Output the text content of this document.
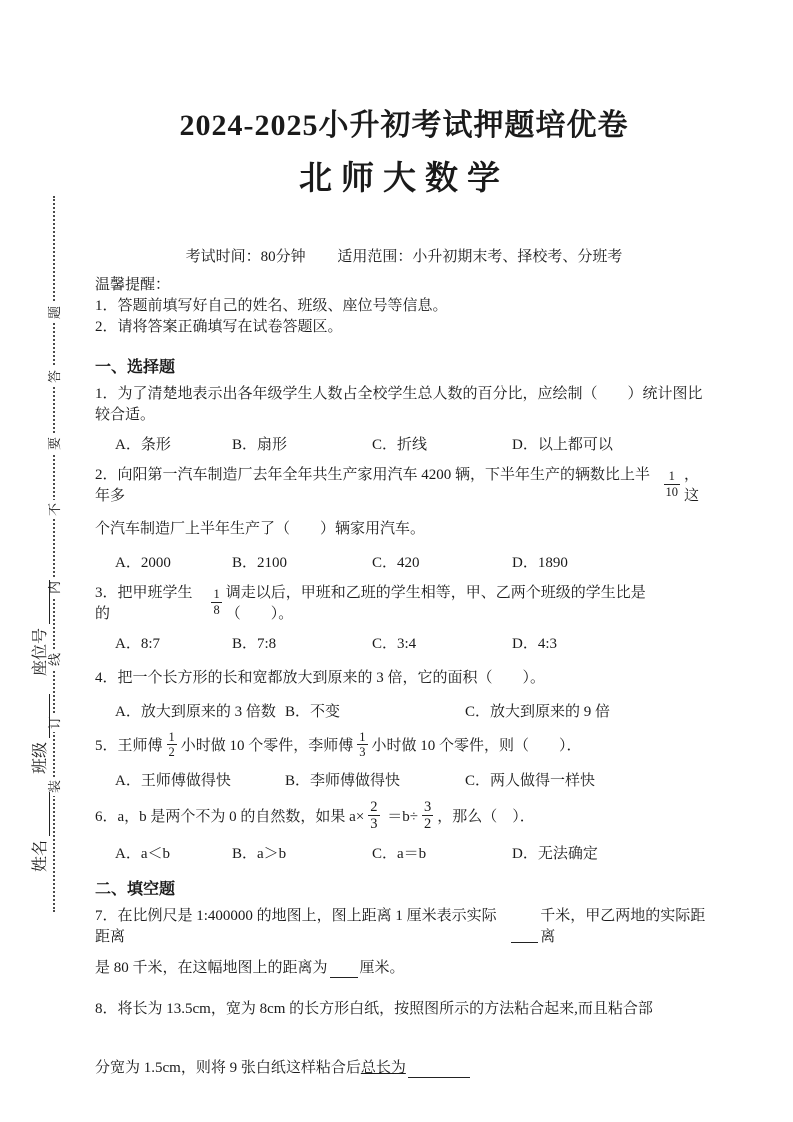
题
答
要
不
内
线
订
装
姓名
班级
座位号
2024-2025小升初考试押题培优卷
北师大数学
考试时间：80分钟 适用范围：小升初期末考、择校考、分班考
温馨提醒：
1．答题前填写好自己的姓名、班级、座位号等信息。
2．请将答案正确填写在试卷答题区。
一、选择题
1．为了清楚地表示出各年级学生人数占全校学生总人数的百分比，应绘制（　　）统计图比较合适。
A．条形	B．扇形	C．折线	D．以上都可以
2．向阳第一汽车制造厂去年全年共生产家用汽车 4200 辆，下半年生产的辆数比上半年多	$\frac{1}{10}$ ，这
个汽车制造厂上半年生产了（　　）辆家用汽车。
A．2000	B．2100	C．420	D．1890
3．把甲班学生的	$\frac{1}{8}$ 调走以后，甲班和乙班的学生相等，甲、乙两个班级的学生比是（　　）。
A．8:7	B．7:8	C．3:4	D．4:3
4．把一个长方形的长和宽都放大到原来的 3 倍，它的面积（　　）。
A．放大到原来的 3 倍数 B．不变	C．放大到原来的 9 倍
5．王师傅 $\frac{1}{2}$ 小时做 10 个零件，李师傅 $\frac{1}{3}$ 小时做 10 个零件，则（　　）．
A．王师傅做得快	B．李师傅做得快	C．两人做得一样快
6．a，b 是两个不为 0 的自然数，如果 $a\times \frac{2}{3} =b\div \frac{3}{2}$ ，那么（　）．
A．a＜b	B．a＞b	C．a＝b	D．无法确定
二、填空题
7．在比例尺是 1:400000 的地图上，图上距离 1 厘米表示实际距离
千米，甲乙两地的实际距离
是 80 千米，在这幅地图上的距离为 厘米。
8．将长为 13.5cm，宽为 8cm 的长方形白纸，按照图所示的方法粘合起来,而且粘合部
分宽为 1.5cm，则将 9 张白纸这样粘合后 总长为
